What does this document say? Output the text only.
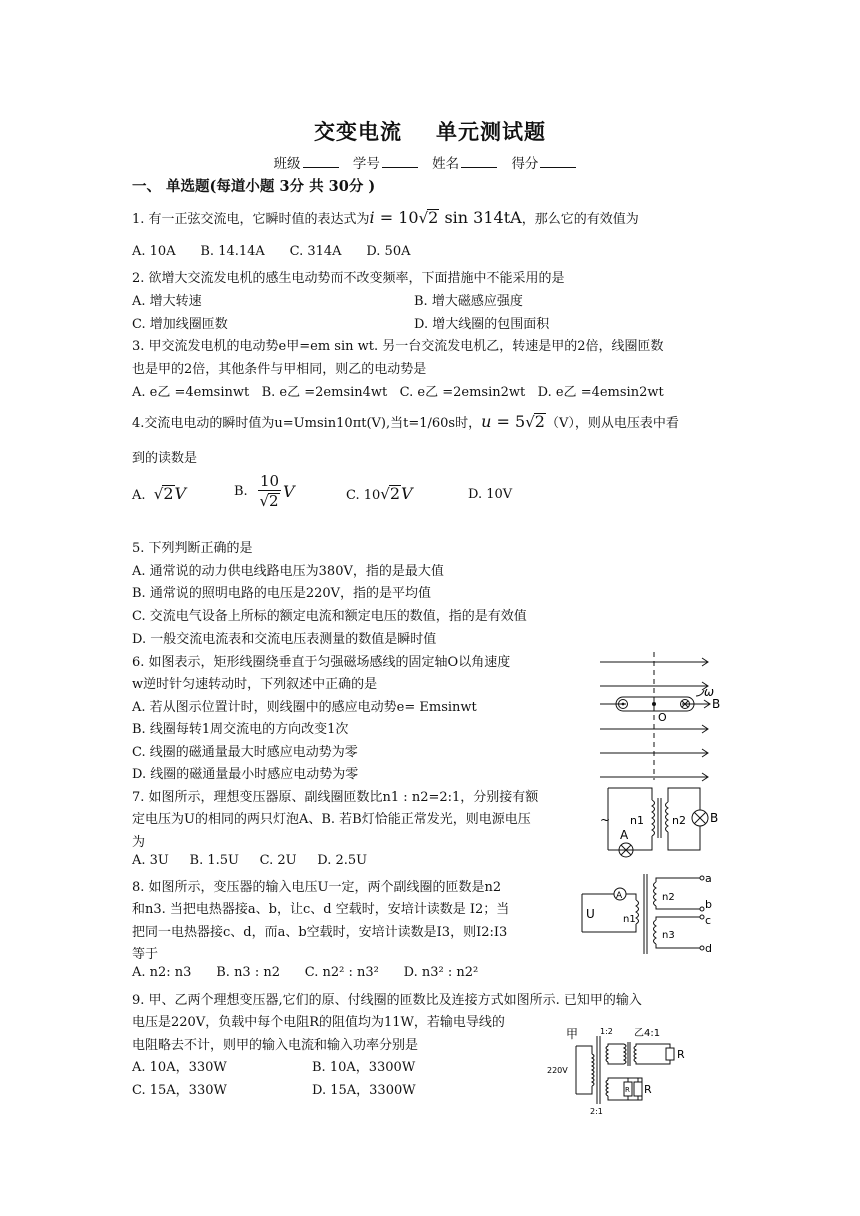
交变电流 单元测试题
班级	学号	姓名	得分
一、 单选题(每道小题 3分 共 30分 )
1. 有一正弦交流电，它瞬时值的表达式为i = 10√2 sin 314tA，那么它的有效值为
A. 10A      B. 14.14A      C. 314A      D. 50A
2. 欲增大交流发电机的感生电动势而不改变频率，下面措施中不能采用的是
A. 增大转速	B. 增大磁感应强度
C. 增加线圈匝数	D. 增大线圈的包围面积
3. 甲交流发电机的电动势e甲=em sin wt. 另一台交流发电机乙，转速是甲的2倍，线圈匝数
也是甲的2倍，其他条件与甲相同，则乙的电动势是
A. e乙 =4emsinwt   B. e乙 =2emsin4wt   C. e乙 =2emsin2wt   D. e乙 =4emsin2wt
4.交流电电动的瞬时值为u=Umsin10πt(V),当t=1/60s时，u = 5√2（V），则从电压表中看
到的读数是
A. √2V	B. $\frac{10}{√2}$ V	C. 10√2V	D. 10V
5. 下列判断正确的是
A. 通常说的动力供电线路电压为380V，指的是最大值
B. 通常说的照明电路的电压是220V，指的是平均值
C. 交流电气设备上所标的额定电流和额定电压的数值，指的是有效值
D. 一般交流电流表和交流电压表测量的数值是瞬时值
6. 如图表示，矩形线圈绕垂直于匀强磁场感线的固定轴O以角速度
w逆时针匀速转动时，下列叙述中正确的是
A. 若从图示位置计时，则线圈中的感应电动势e= Emsinwt
B. 线圈每转1周交流电的方向改变1次
C. 线圈的磁通量最大时感应电动势为零
D. 线圈的磁通量最小时感应电动势为零
B
O
ω
7. 如图所示，理想变压器原、副线圈匝数比n1 : n2=2:1，分别接有额
定电压为U的相同的两只灯泡A、B. 若B灯恰能正常发光，则电源电压
为
A. 3U     B. 1.5U     C. 2U     D. 2.5U
~ n1	n2 B
A
8. 如图所示，变压器的输入电压U一定，两个副线圈的匝数是n2
和n3. 当把电热器接a、b，让c、d 空载时，安培计读数是 I2；当
把同一电热器接c、d，而a、b空载时，安培计读数是I3，则I2:I3
等于
A. n2: n3      B. n3 : n2      C. n2² : n3²      D. n3² : n2²
U
A
n1
n2
n3
a
b
c
d
9. 甲、乙两个理想变压器,它们的原、付线圈的匝数比及连接方式如图所示. 已知甲的输入
电压是220V，负载中每个电阻R的阻值均为11W，若输电导线的
电阻略去不计，则甲的输入电流和输入功率分别是
A. 10A，330W	B. 10A，3300W
C. 15A，330W	D. 15A，3300W
甲	1:2 乙4:1
220V
R
R
R
2:1
